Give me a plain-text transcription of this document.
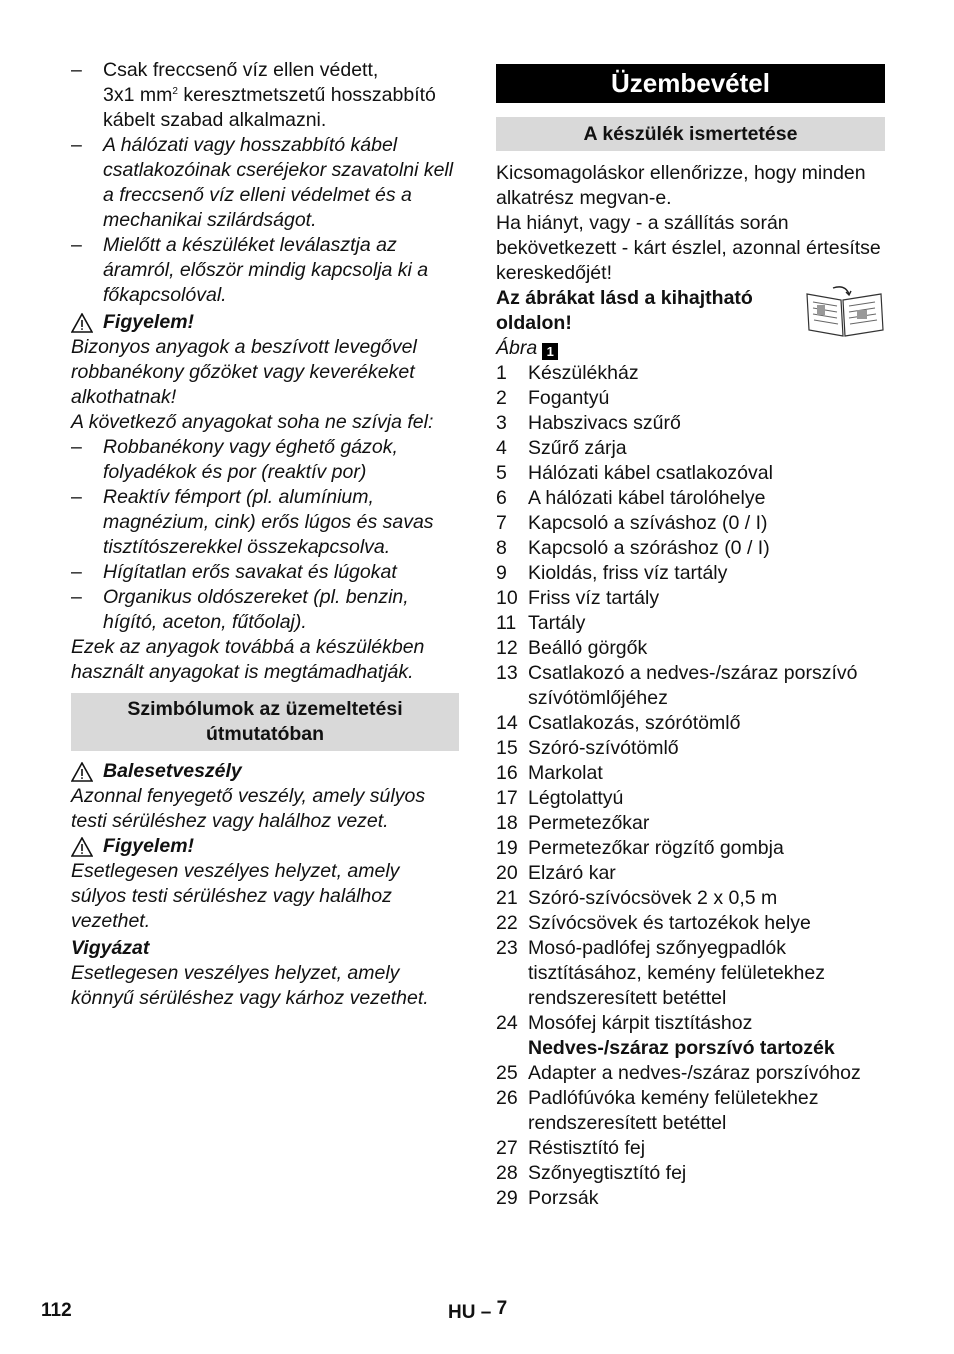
– Csak freccsenő víz ellen védett,
3x1 $mm^2$ keresztmetszetű hosszabbító
kábelt szabad alkalmazni.

– A hálózati vagy hosszabbító kábel csatlakozóinak cseréjekor szavatolni kell a freccsenő víz elleni védelmet és a mechanikai szilárdságot.

– Mielőtt a készüléket leválasztja az áramról, először mindig kapcsolja ki a főkapcsolóval.

Figyelem!

Bizonyos anyagok a beszívott levegővel robbanékony gőzöket vagy keverékeket alkothatnak!

A következő anyagokat soha ne szívja fel:

– Robbanékony vagy éghető gázok, folyadékok és por (reaktív por)

– Reaktív fémport (pl. alumínium, magnézium, cink) erős lúgos és savas tisztítószerekkel összekapcsolva.

– Hígítatlan erős savakat és lúgokat

– Organikus oldószereket (pl. benzin, hígító, aceton, fűtőolaj).

Ezek az anyagok továbbá a készülékben használt anyagokat is megtámadhatják.

Szimbólumok az üzemeltetési útmutatóban
Balesetveszély

Azonnal fenyegető veszély, amely súlyos testi sérüléshez vagy halálhoz vezet.

Figyelem!

Esetlegesen veszélyes helyzet, amely súlyos testi sérüléshez vagy halálhoz vezethet.

Vigyázat

Esetlegesen veszélyes helyzet, amely könnyű sérüléshez vagy kárhoz vezethet.

Üzembevétel
A készülék ismertetése

Kicsomagoláskor ellenőrizze, hogy minden alkatrész megvan-e.

Ha hiányt, vagy - a szállítás során bekövetkezett - kárt észlel, azonnal értesítse kereskedőjét!

Az ábrákat lásd a kihajtható oldalon!

Ábra 1

1	Készülékház
2	Fogantyú
3	Habszivacs szűrő
4	Szűrő zárja
5	Hálózati kábel csatlakozóval
6	A hálózati kábel tárolóhelye
7	Kapcsoló a szíváshoz (0 / I)
8	Kapcsoló a szóráshoz (0 / I)
9	Kioldás, friss víz tartály
10 Friss víz tartály
11 Tartály
12 Beálló görgők
13 Csatlakozó a nedves-/száraz porszívó szívótömlőjéhez
14 Csatlakozás, szórótömlő
15 Szóró-szívótömlő
16 Markolat
17 Légtolattyú
18 Permetezőkar
19 Permetezőkar rögzítő gombja
20 Elzáró kar
21 Szóró-szívócsövek 2 x 0,5 m
22 Szívócsövek és tartozékok helye
23 Mosó-padlófej szőnyegpadlók tisztításához, kemény felületekhez rendszeresített betéttel
24 Mosófej kárpit tisztításhoz
Nedves-/száraz porszívó tartozék
25 Adapter a nedves-/száraz porszívóhoz
26 Padlófúvóka kemény felületekhez rendszeresített betéttel
27 Réstisztító fej
28 Szőnyegtisztító fej
29 Porzsák
112	HU – 7
